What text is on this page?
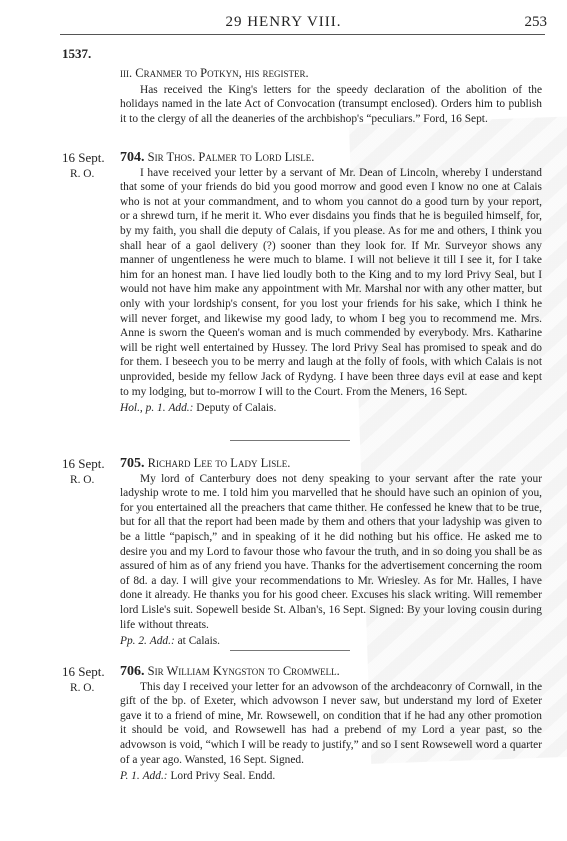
29 HENRY VIII.	253
1537.
iii. Cranmer to Potkyn, his register.
Has received the King's letters for the speedy declaration of the abolition of the holidays named in the late Act of Convocation (transumpt enclosed). Orders him to publish it to the clergy of all the deaneries of the archbishop's “peculiars.” Ford, 16 Sept.
16 Sept.
R. O.
704. Sir Thos. Palmer to Lord Lisle.
I have received your letter by a servant of Mr. Dean of Lincoln, whereby I understand that some of your friends do bid you good morrow and good even I know no one at Calais who is not at your commandment, and to whom you cannot do a good turn by your report, or a shrewd turn, if he merit it. Who ever disdains you finds that he is beguiled himself, for, by my faith, you shall die deputy of Calais, if you please. As for me and others, I think you shall hear of a gaol delivery (?) sooner than they look for. If Mr. Surveyor shows any manner of ungentleness he were much to blame. I will not believe it till I see it, for I take him for an honest man. I have lied loudly both to the King and to my lord Privy Seal, but I would not have him make any appointment with Mr. Marshal nor with any other matter, but only with your lordship's consent, for you lost your friends for his sake, which I think he will never forget, and likewise my good lady, to whom I beg you to recommend me. Mrs. Anne is sworn the Queen's woman and is much commended by everybody. Mrs. Katharine will be right well entertained by Hussey. The lord Privy Seal has promised to speak and do for them. I beseech you to be merry and laugh at the folly of fools, with which Calais is not unprovided, beside my fellow Jack of Rydyng. I have been three days evil at ease and kept to my lodging, but to-morrow I will to the Court. From the Meners, 16 Sept.
Hol., p. 1. Add.: Deputy of Calais.
16 Sept.
R. O.
705. Richard Lee to Lady Lisle.
My lord of Canterbury does not deny speaking to your servant after the rate your ladyship wrote to me. I told him you marvelled that he should have such an opinion of you, for you entertained all the preachers that came thither. He confessed he knew that to be true, but for all that the report had been made by them and others that your ladyship was given to be a little “papisch,” and in speaking of it he did nothing but his office. He asked me to desire you and my Lord to favour those who favour the truth, and in so doing you shall be as assured of him as of any friend you have. Thanks for the advertisement concerning the room of 8d. a day. I will give your recommendations to Mr. Wriesley. As for Mr. Halles, I have done it already. He thanks you for his good cheer. Excuses his slack writing. Will remember lord Lisle's suit. Sopewell beside St. Alban's, 16 Sept. Signed: By your loving cousin during life without threats.
Pp. 2. Add.: at Calais.
16 Sept.
R. O.
706. Sir William Kyngston to Cromwell.
This day I received your letter for an advowson of the archdeaconry of Cornwall, in the gift of the bp. of Exeter, which advowson I never saw, but understand my lord of Exeter gave it to a friend of mine, Mr. Rowsewell, on condition that if he had any other promotion it should be void, and Rowsewell has had a prebend of my Lord a year past, so the advowson is void, “which I will be ready to justify,” and so I sent Rowsewell word a quarter of a year ago. Wansted, 16 Sept. Signed.
P. 1. Add.: Lord Privy Seal. Endd.
